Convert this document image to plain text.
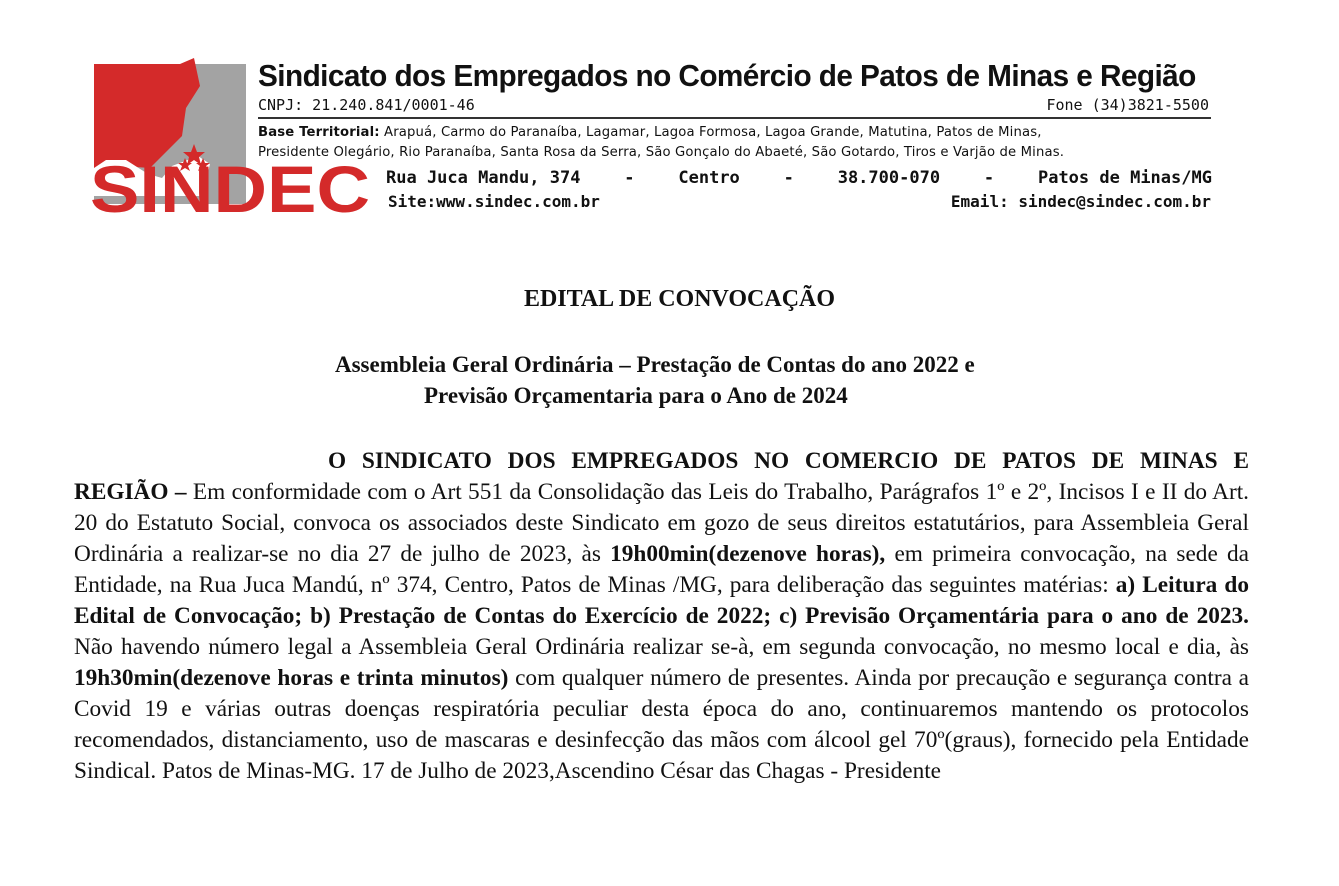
SINDEC
Sindicato dos Empregados no Comércio de Patos de Minas e Região
CNPJ: 21.240.841/0001-46	Fone (34)3821-5500
Base Territorial: Arapuá, Carmo do Paranaíba, Lagamar, Lagoa Formosa, Lagoa Grande, Matutina, Patos de Minas,
Presidente Olegário, Rio Paranaíba, Santa Rosa da Serra, São Gonçalo do Abaeté, São Gotardo, Tiros e Varjão de Minas.
Rua Juca Mandu, 374	-	Centro	-	38.700-070	-	Patos de Minas/MG
Site:www.sindec.com.br	Email: sindec@sindec.com.br
EDITAL DE CONVOCAÇÃO
Assembleia Geral Ordinária – Prestação de Contas do ano 2022 e
Previsão Orçamentaria para o Ano de 2024

O SINDICATO DOS EMPREGADOS NO COMERCIO DE PATOS DE MINAS E REGIÃO – Em conformidade com o Art 551 da Consolidação das Leis do Trabalho, Parágrafos 1º e 2º, Incisos I e II do Art. 20 do Estatuto Social, convoca os associados deste Sindicato em gozo de seus direitos estatutários, para Assembleia Geral Ordinária a realizar-se no dia 27 de julho de 2023, às 19h00min(dezenove horas), em primeira convocação, na sede da Entidade, na Rua Juca Mandú, nº 374, Centro, Patos de Minas /MG, para deliberação das seguintes matérias: a) Leitura do Edital de Convocação; b) Prestação de Contas do Exercício de 2022; c) Previsão Orçamentária para o ano de 2023. Não havendo número legal a Assembleia Geral Ordinária realizar se-à, em segunda convocação, no mesmo local e dia, às 19h30min(dezenove horas e trinta minutos) com qualquer número de presentes. Ainda por precaução e segurança contra a Covid 19 e várias outras doenças respiratória peculiar desta época do ano, continuaremos mantendo os protocolos recomendados, distanciamento, uso de mascaras e desinfecção das mãos com álcool gel 70º(graus), fornecido pela Entidade Sindical. Patos de Minas-MG. 17 de Julho de 2023,Ascendino César das Chagas - Presidente
